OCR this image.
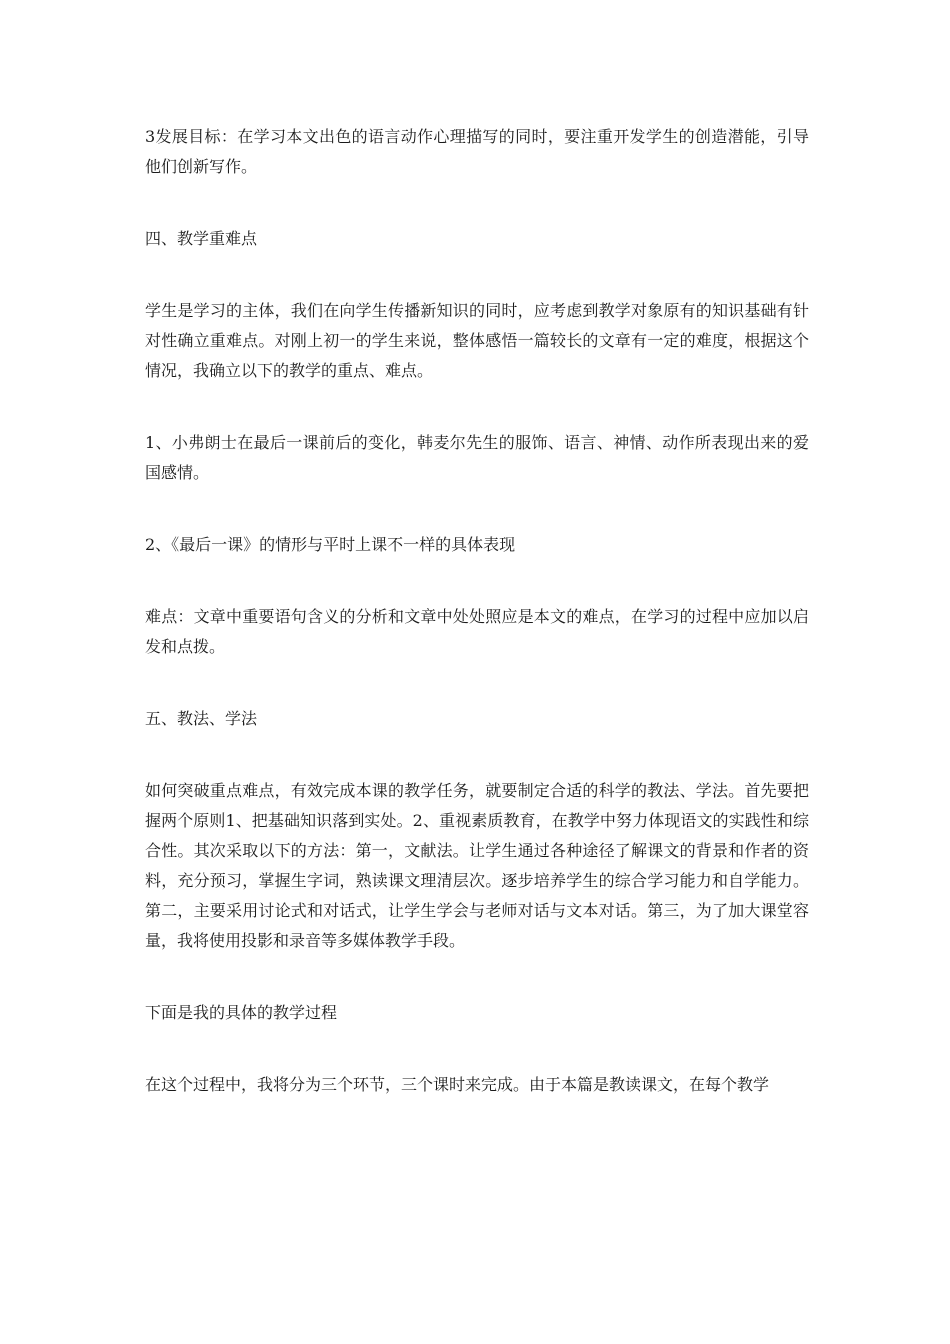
3发展目标：在学习本文出色的语言动作心理描写的同时，要注重开发学生的创造潜能，引导他们创新写作。

四、教学重难点

学生是学习的主体，我们在向学生传播新知识的同时，应考虑到教学对象原有的知识基础有针对性确立重难点。对刚上初一的学生来说，整体感悟一篇较长的文章有一定的难度，根据这个情况，我确立以下的教学的重点、难点。

1、小弗朗士在最后一课前后的变化，韩麦尔先生的服饰、语言、神情、动作所表现出来的爱国感情。

2、《最后一课》的情形与平时上课不一样的具体表现

难点：文章中重要语句含义的分析和文章中处处照应是本文的难点，在学习的过程中应加以启发和点拨。

五、教法、学法

如何突破重点难点，有效完成本课的教学任务，就要制定合适的科学的教法、学法。首先要把握两个原则1、把基础知识落到实处。2、重视素质教育，在教学中努力体现语文的实践性和综合性。其次采取以下的方法：第一，文献法。让学生通过各种途径了解课文的背景和作者的资料，充分预习，掌握生字词，熟读课文理清层次。逐步培养学生的综合学习能力和自学能力。第二，主要采用讨论式和对话式，让学生学会与老师对话与文本对话。第三，为了加大课堂容量，我将使用投影和录音等多媒体教学手段。

下面是我的具体的教学过程

在这个过程中，我将分为三个环节，三个课时来完成。由于本篇是教读课文，在每个教学
